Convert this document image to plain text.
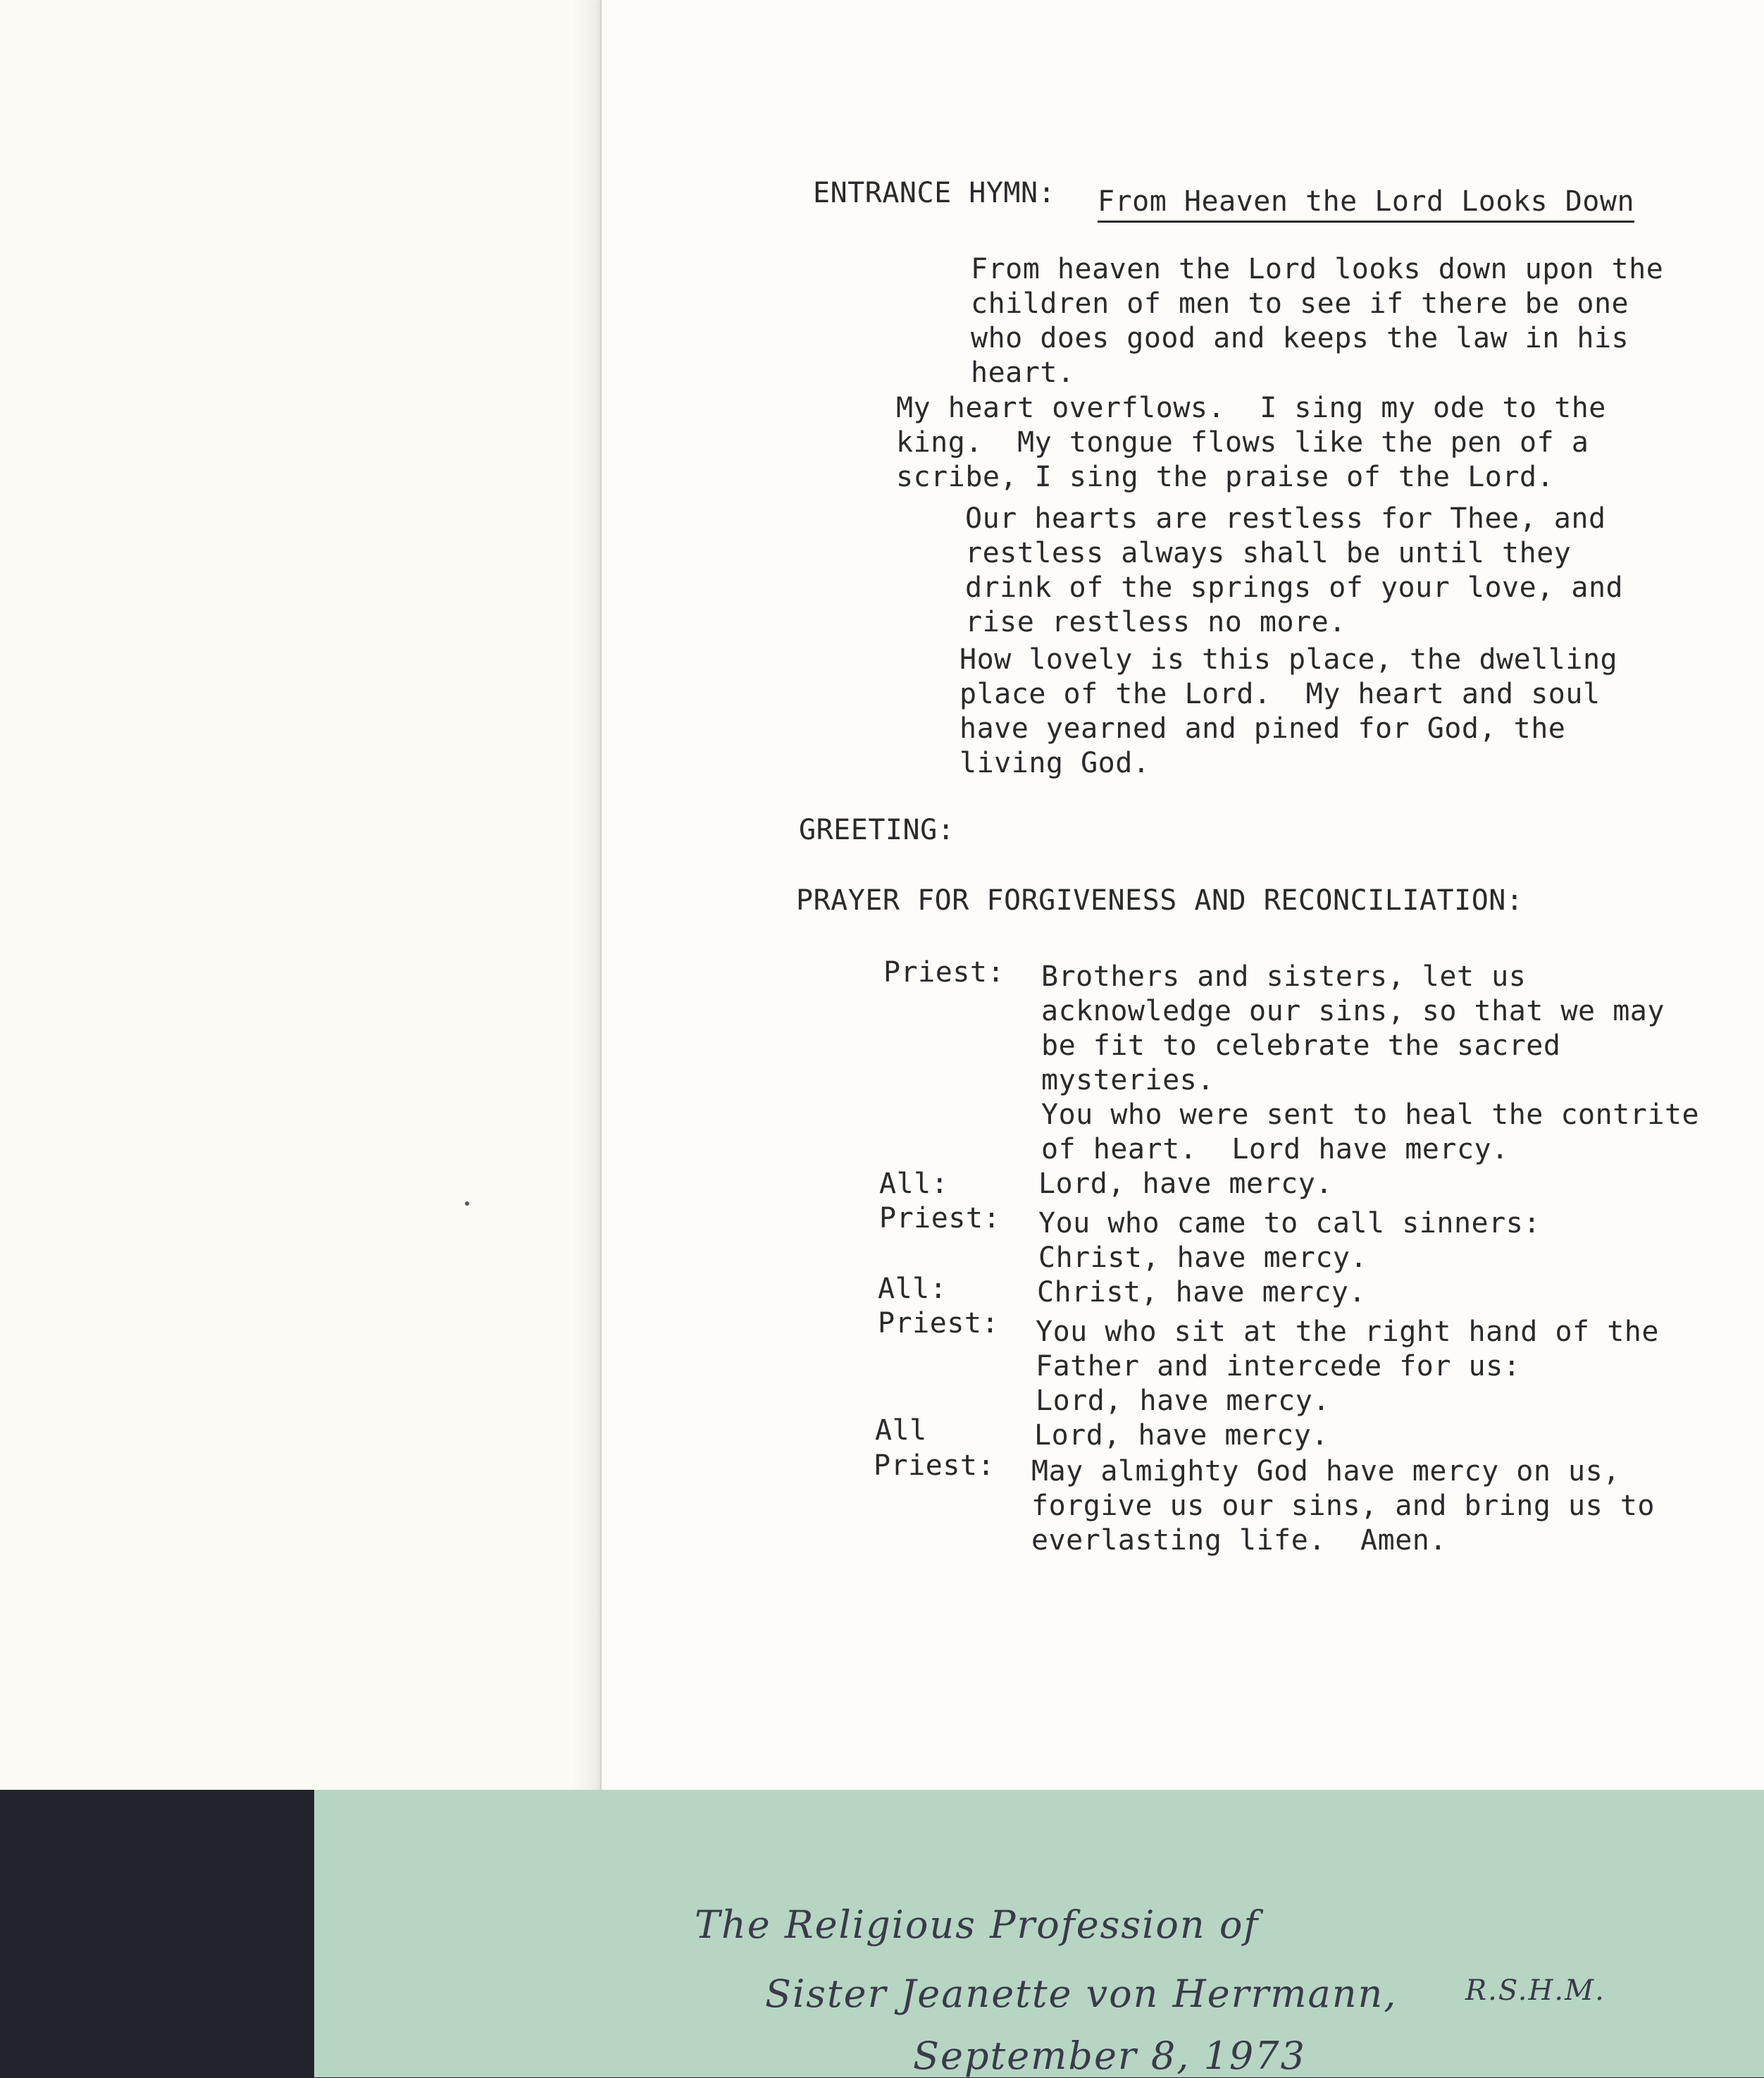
ENTRANCE HYMN: From Heaven the Lord Looks Down
From heaven the Lord looks down upon the
children of men to see if there be one
who does good and keeps the law in his
heart.
My heart overflows.  I sing my ode to the
king.  My tongue flows like the pen of a
scribe, I sing the praise of the Lord.
Our hearts are restless for Thee, and
restless always shall be until they
drink of the springs of your love, and
rise restless no more.
How lovely is this place, the dwelling
place of the Lord.  My heart and soul
have yearned and pined for God, the
living God.
GREETING:
PRAYER FOR FORGIVENESS AND RECONCILIATION:
Priest: Brothers and sisters, let us
acknowledge our sins, so that we may
be fit to celebrate the sacred
mysteries.
You who were sent to heal the contrite
of heart.  Lord have mercy.
All:	Lord, have mercy.
Priest: You who came to call sinners:
Christ, have mercy.
All:	Christ, have mercy.
Priest: You who sit at the right hand of the
Father and intercede for us:
Lord, have mercy.
All	Lord, have mercy.
Priest: May almighty God have mercy on us,
forgive us our sins, and bring us to
everlasting life.  Amen.
The Religious Profession of
Sister Jeanette von Herrmann, R.S.H.M.
September 8, 1973
